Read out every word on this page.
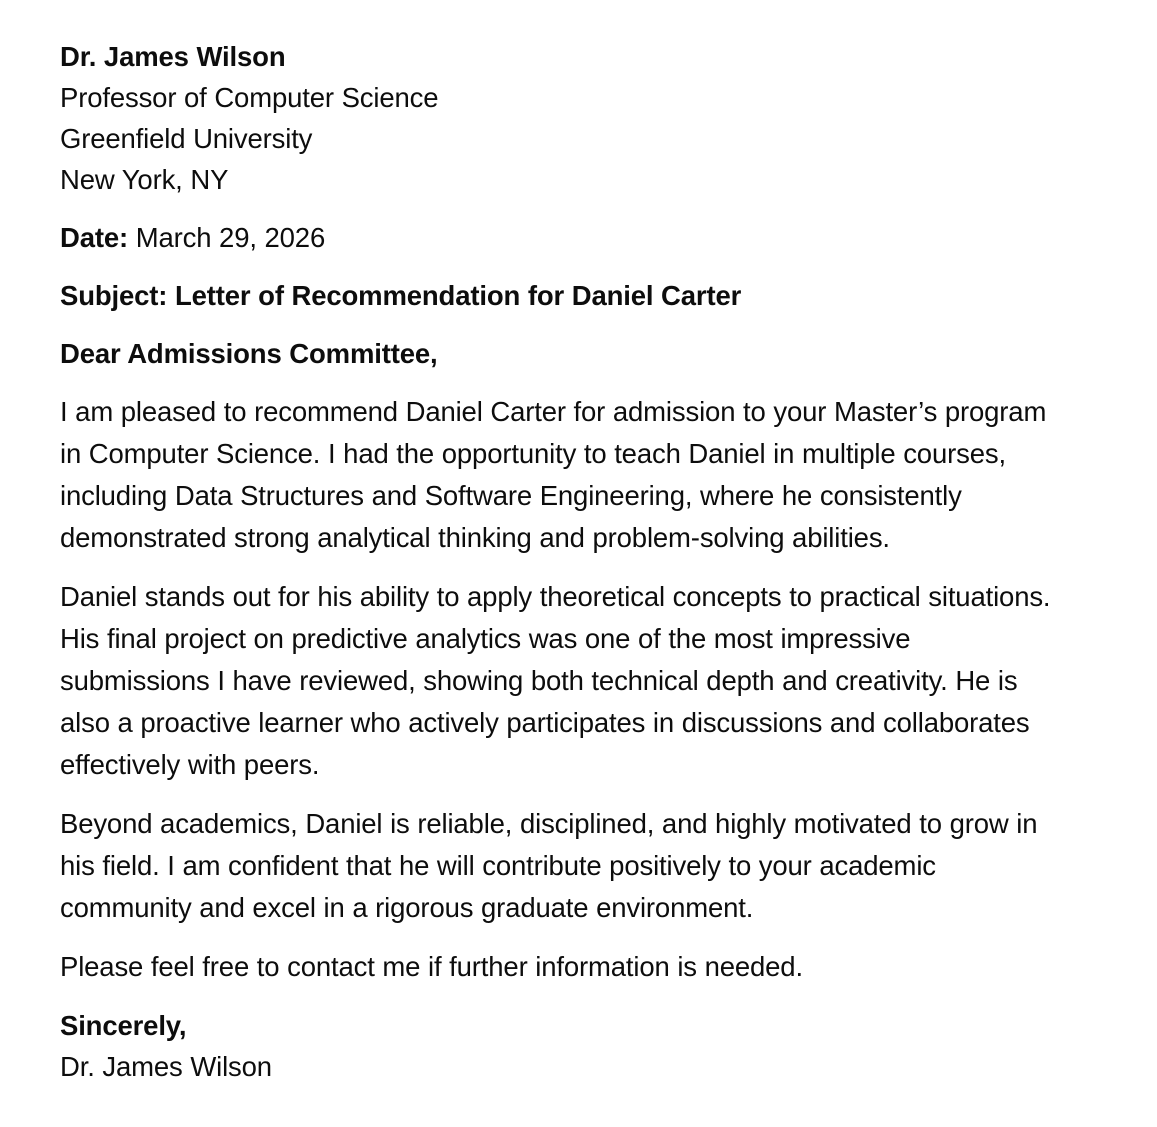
Dr. James Wilson
Professor of Computer Science
Greenfield University
New York, NY
Date: March 29, 2026
Subject: Letter of Recommendation for Daniel Carter
Dear Admissions Committee,

I am pleased to recommend Daniel Carter for admission to your Master’s program in Computer Science. I had the opportunity to teach Daniel in multiple courses, including Data Structures and Software Engineering, where he consistently demonstrated strong analytical thinking and problem-solving abilities.

Daniel stands out for his ability to apply theoretical concepts to practical situations. His final project on predictive analytics was one of the most impressive submissions I have reviewed, showing both technical depth and creativity. He is also a proactive learner who actively participates in discussions and collaborates effectively with peers.

Beyond academics, Daniel is reliable, disciplined, and highly motivated to grow in his field. I am confident that he will contribute positively to your academic community and excel in a rigorous graduate environment.

Please feel free to contact me if further information is needed.

Sincerely,
Dr. James Wilson
